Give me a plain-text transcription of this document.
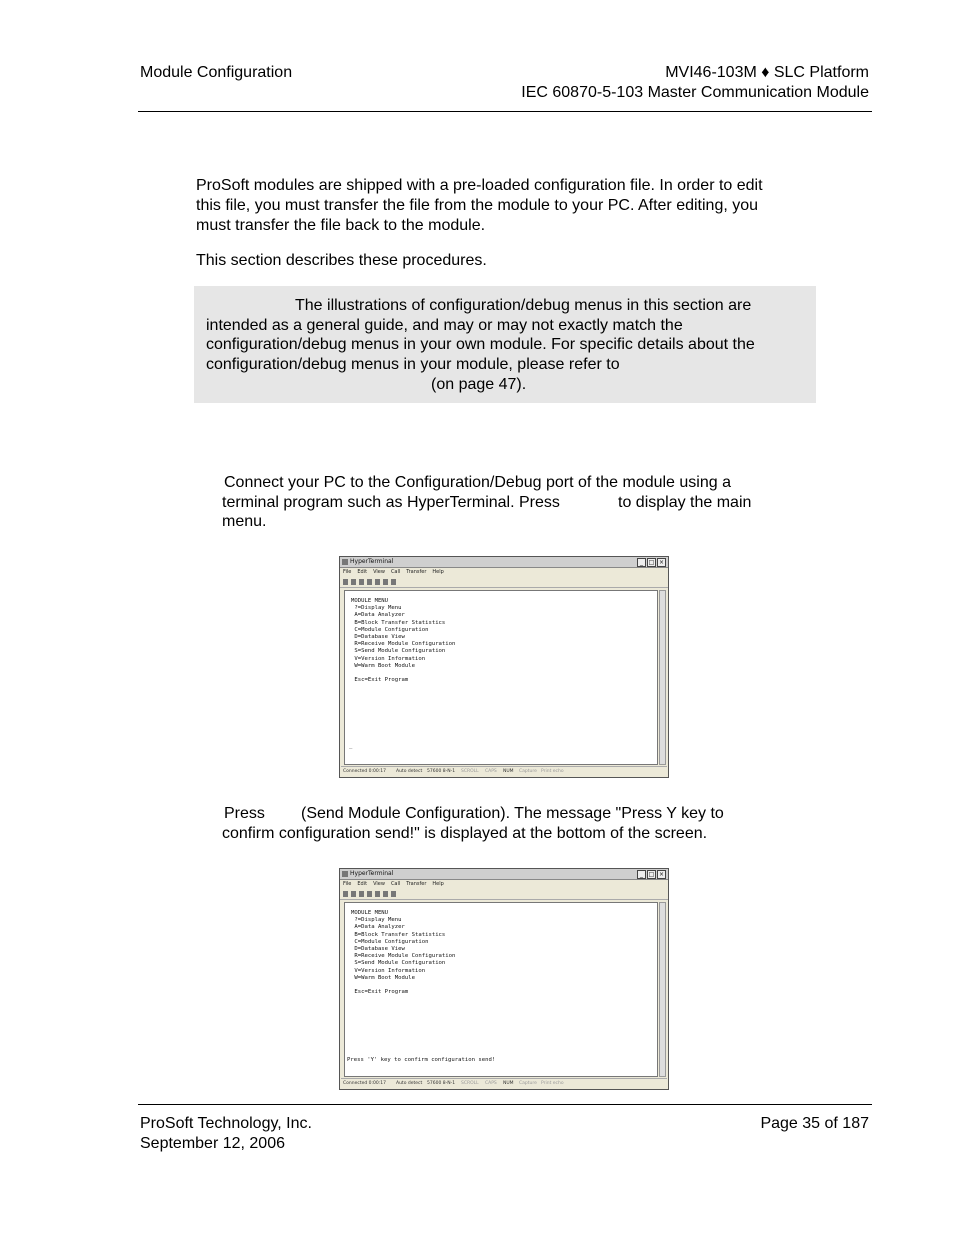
Module Configuration	MVI46-103M ♦ SLC Platform
IEC 60870-5-103 Master Communication Module
ProSoft modules are shipped with a pre-loaded configuration file. In order to edit
this file, you must transfer the file from the module to your PC. After editing, you
must transfer the file back to the module.
This section describes these procedures.
The illustrations of configuration/debug menus in this section are
intended as a general guide, and may or may not exactly match the
configuration/debug menus in your own module. For specific details about the
configuration/debug menus in your module, please refer to
(on page 47).
Connect your PC to the Configuration/Debug port of the module using a
terminal program such as HyperTerminal. Press	to display the main
menu.
HyperTerminal	_ □ ×
File Edit View Call Transfer Help
MODULE MENU
?=Display Menu
A=Data Analyzer
B=Block Transfer Statistics
C=Module Configuration
D=Database View
R=Receive Module Configuration
S=Send Module Configuration
V=Version Information
W=Warm Boot Module
Esc=Exit Program
_
Connected 0:00:17 Auto detect 57600 8-N-1 SCROLL CAPS NUM Capture Print echo
Press (Send Module Configuration). The message "Press Y key to
confirm configuration send!" is displayed at the bottom of the screen.
HyperTerminal	_ □ ×
File Edit View Call Transfer Help
MODULE MENU
?=Display Menu
A=Data Analyzer
B=Block Transfer Statistics
C=Module Configuration
D=Database View
R=Receive Module Configuration
S=Send Module Configuration
V=Version Information
W=Warm Boot Module
Esc=Exit Program
Press 'Y' key to confirm configuration send!
Connected 0:00:17 Auto detect 57600 8-N-1 SCROLL CAPS NUM Capture Print echo
ProSoft Technology, Inc.
September 12, 2006
Page 35 of 187
